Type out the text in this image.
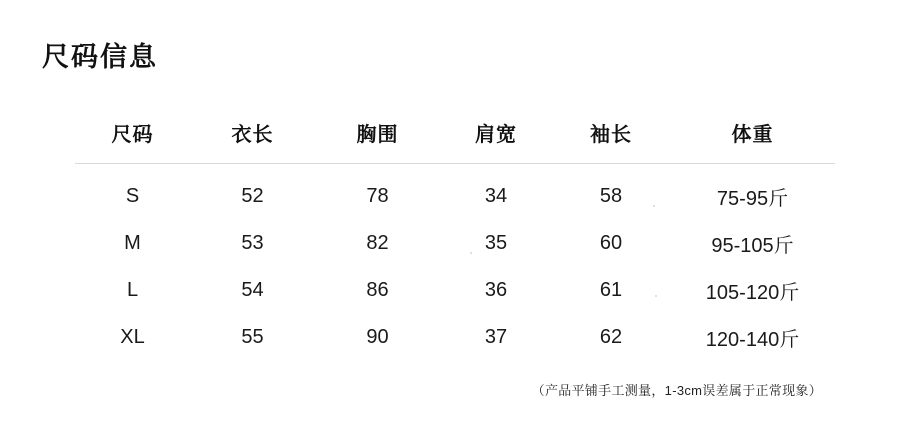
尺码信息
尺码	衣长	胸围	肩宽	袖长	体重
S	52	78	34	58	75-95斤
M	53	82	35	60	95-105斤
L	54	86	36	61	105-120斤
XL	55	90	37	62	120-140斤
（产品平铺手工测量，1-3cm误差属于正常现象）
